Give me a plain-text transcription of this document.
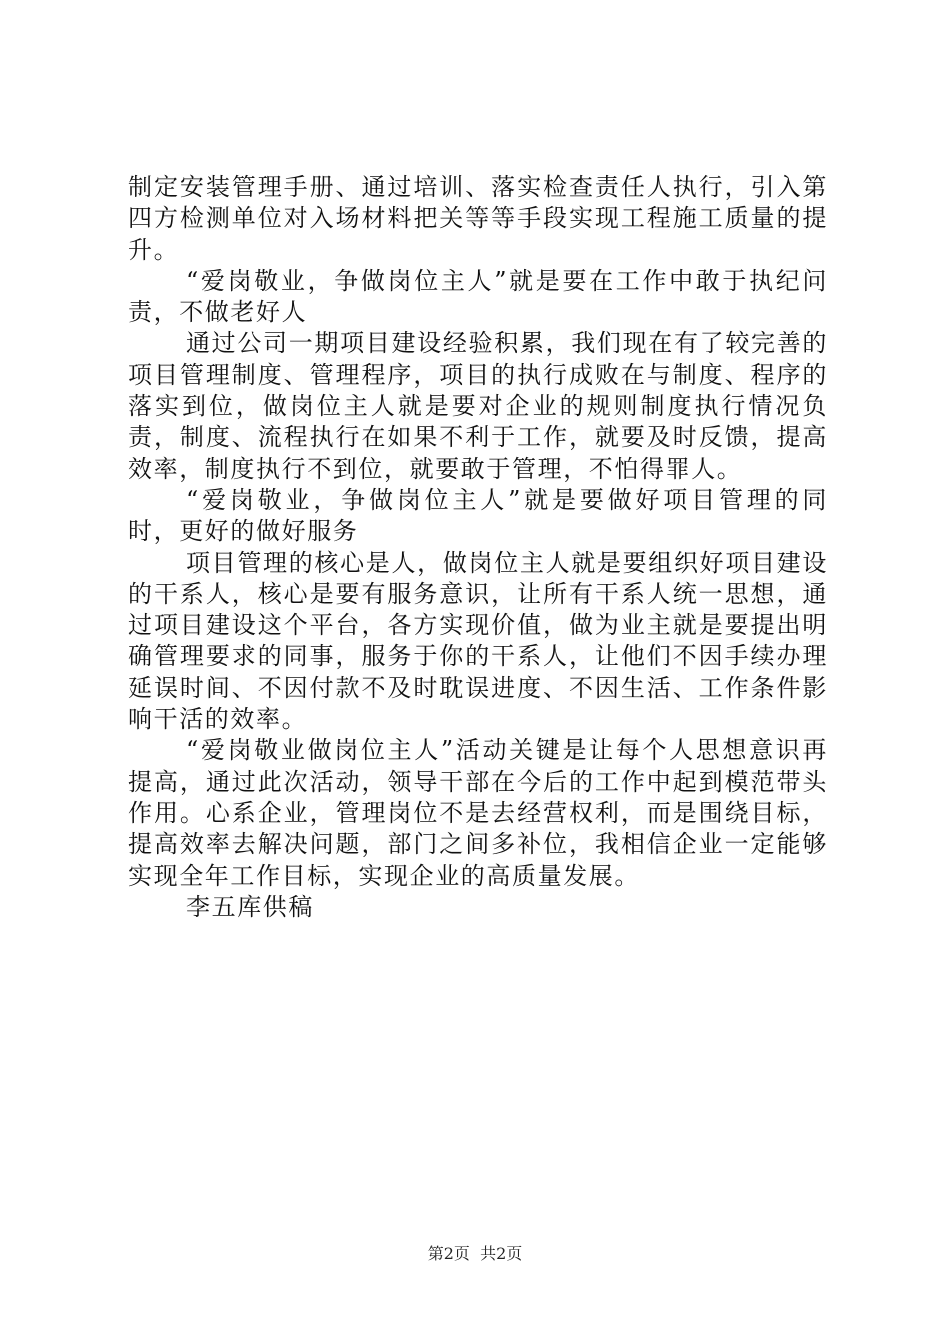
制定安装管理手册、通过培训、落实检查责任人执行，引入第四方检测单位对入场材料把关等等手段实现工程施工质量的提升。

“爱岗敬业，争做岗位主人”就是要在工作中敢于执纪问责，不做老好人

通过公司一期项目建设经验积累，我们现在有了较完善的项目管理制度、管理程序，项目的执行成败在与制度、程序的落实到位，做岗位主人就是要对企业的规则制度执行情况负责，制度、流程执行在如果不利于工作，就要及时反馈，提高效率，制度执行不到位，就要敢于管理，不怕得罪人。

“爱岗敬业，争做岗位主人”就是要做好项目管理的同时，更好的做好服务

项目管理的核心是人，做岗位主人就是要组织好项目建设的干系人，核心是要有服务意识，让所有干系人统一思想，通过项目建设这个平台，各方实现价值，做为业主就是要提出明确管理要求的同事，服务于你的干系人，让他们不因手续办理延误时间、不因付款不及时耽误进度、不因生活、工作条件影响干活的效率。

“爱岗敬业做岗位主人”活动关键是让每个人思想意识再提高，通过此次活动，领导干部在今后的工作中起到模范带头作用。心系企业，管理岗位不是去经营权利，而是围绕目标，提高效率去解决问题，部门之间多补位，我相信企业一定能够实现全年工作目标，实现企业的高质量发展。

李五库供稿

第2页  共2页
